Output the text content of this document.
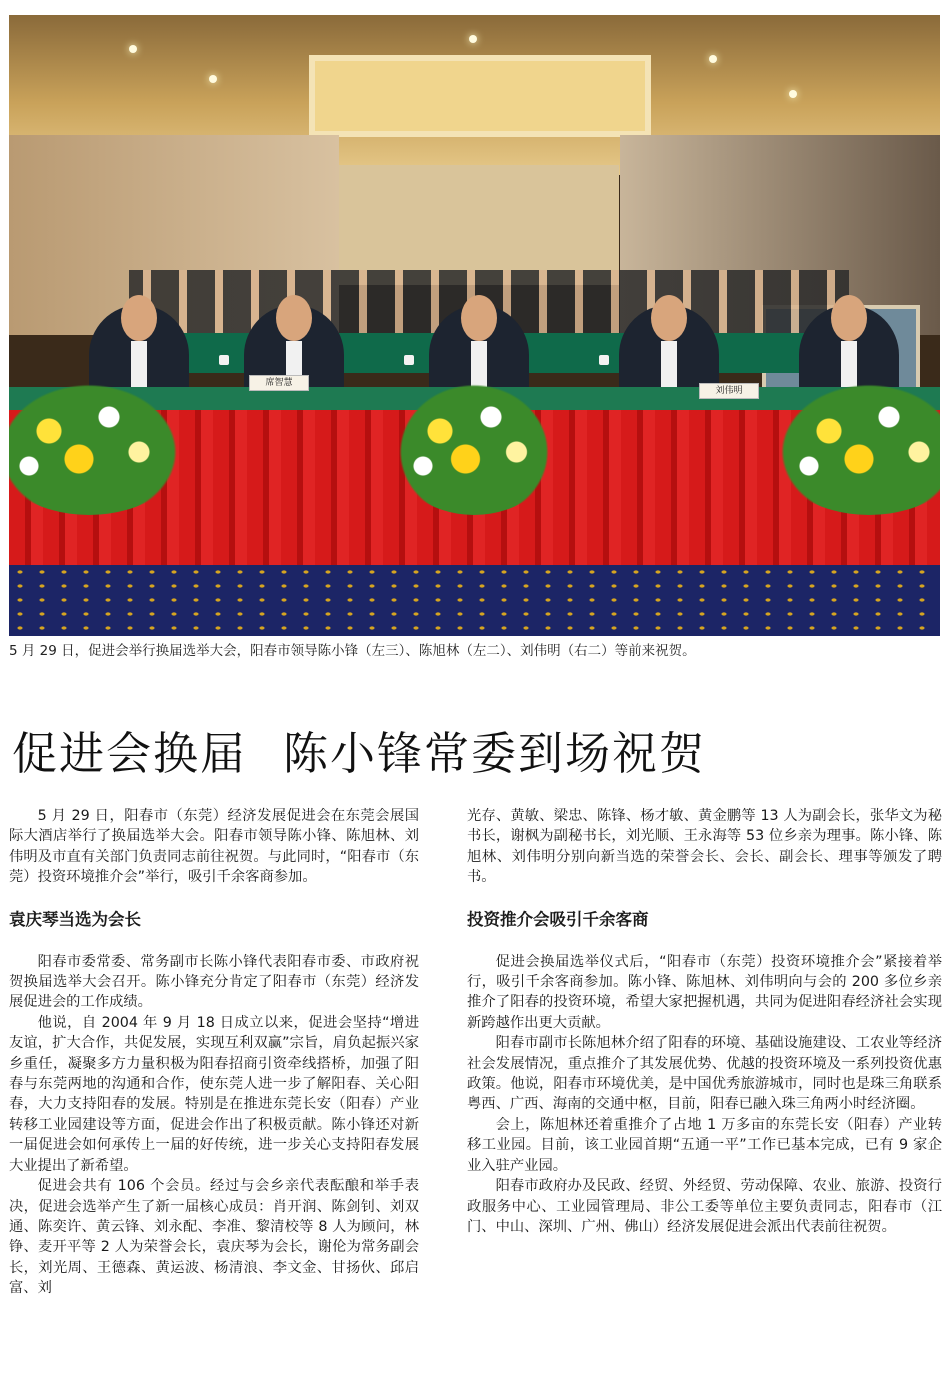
席智慧
刘伟明
5 月 29 日，促进会举行换届选举大会，阳春市领导陈小锋（左三）、陈旭林（左二）、刘伟明（右二）等前来祝贺。
促进会换届 陈小锋常委到场祝贺

5 月 29 日，阳春市（东莞）经济发展促进会在东莞会展国际大酒店举行了换届选举大会。阳春市领导陈小锋、陈旭林、刘伟明及市直有关部门负责同志前往祝贺。与此同时，“阳春市（东莞）投资环境推介会”举行，吸引千余客商参加。

袁庆琴当选为会长

阳春市委常委、常务副市长陈小锋代表阳春市委、市政府祝贺换届选举大会召开。陈小锋充分肯定了阳春市（东莞）经济发展促进会的工作成绩。

他说，自 2004 年 9 月 18 日成立以来，促进会坚持“增进友谊，扩大合作，共促发展，实现互利双赢”宗旨，肩负起振兴家乡重任，凝聚多方力量积极为阳春招商引资牵线搭桥，加强了阳春与东莞两地的沟通和合作，使东莞人进一步了解阳春、关心阳春，大力支持阳春的发展。特别是在推进东莞长安（阳春）产业转移工业园建设等方面，促进会作出了积极贡献。陈小锋还对新一届促进会如何承传上一届的好传统，进一步关心支持阳春发展大业提出了新希望。

促进会共有 106 个会员。经过与会乡亲代表酝酿和举手表决，促进会选举产生了新一届核心成员：肖开润、陈剑钊、刘双通、陈奕许、黄云锋、刘永配、李准、黎清校等 8 人为顾问，林铮、麦开平等 2 人为荣誉会长，袁庆琴为会长，谢伦为常务副会长，刘光周、王德森、黄运波、杨清浪、李文金、甘扬伙、邱启富、刘

光存、黄敏、梁忠、陈锋、杨才敏、黄金鹏等 13 人为副会长，张华文为秘书长，谢枫为副秘书长，刘光顺、王永海等 53 位乡亲为理事。陈小锋、陈旭林、刘伟明分别向新当选的荣誉会长、会长、副会长、理事等颁发了聘书。

投资推介会吸引千余客商

促进会换届选举仪式后，“阳春市（东莞）投资环境推介会”紧接着举行，吸引千余客商参加。陈小锋、陈旭林、刘伟明向与会的 200 多位乡亲推介了阳春的投资环境，希望大家把握机遇，共同为促进阳春经济社会实现新跨越作出更大贡献。

阳春市副市长陈旭林介绍了阳春的环境、基础设施建设、工农业等经济社会发展情况，重点推介了其发展优势、优越的投资环境及一系列投资优惠政策。他说，阳春市环境优美，是中国优秀旅游城市，同时也是珠三角联系粤西、广西、海南的交通中枢，目前，阳春已融入珠三角两小时经济圈。

会上，陈旭林还着重推介了占地 1 万多亩的东莞长安（阳春）产业转移工业园。目前，该工业园首期“五通一平”工作已基本完成，已有 9 家企业入驻产业园。

阳春市政府办及民政、经贸、外经贸、劳动保障、农业、旅游、投资行政服务中心、工业园管理局、非公工委等单位主要负责同志，阳春市（江门、中山、深圳、广州、佛山）经济发展促进会派出代表前往祝贺。
